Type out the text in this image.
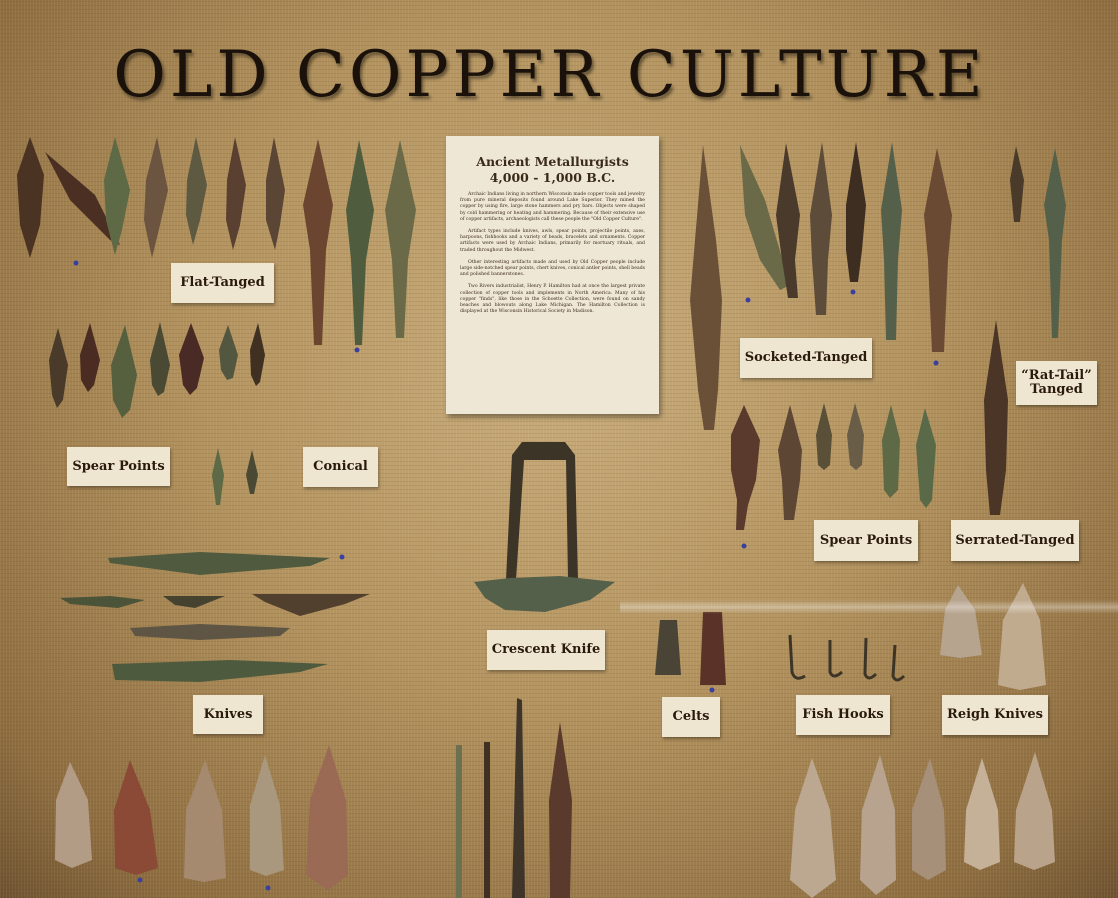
OLD COPPER CULTURE
Ancient Metallurgists
4,000 - 1,000 B.C.

Archaic Indians living in northern Wisconsin made copper tools and jewelry from pure mineral deposits found around Lake Superior. They mined the copper by using fire, large stone hammers and pry bars. Objects were shaped by cold hammering or heating and hammering. Because of their extensive use of copper artifacts, archaeologists call these people the "Old Copper Culture".

Artifact types include knives, awls, spear points, projectile points, axes, harpoons, fishhooks and a variety of beads, bracelets and ornaments. Copper artifacts were used by Archaic Indians, primarily for mortuary rituals, and traded throughout the Midwest.

Other interesting artifacts made and used by Old Copper people include large side-notched spear points, chert knives, conical antler points, shell beads and polished bannerstones.

Two Rivers industrialist, Henry P. Hamilton had at once the largest private collection of copper tools and implements in North America. Many of his copper "finds", like those in the Schoette Collection, were found on sandy beaches and blowouts along Lake Michigan. The Hamilton Collection is displayed at the Wisconsin Historical Society in Madison.

Flat-Tanged
Spear Points	Conical
Knives
Crescent Knife
Socketed-Tanged
“Rat-Tail”
Tanged
Spear Points	Serrated-Tanged
Celts	Fish Hooks	Reigh Knives
